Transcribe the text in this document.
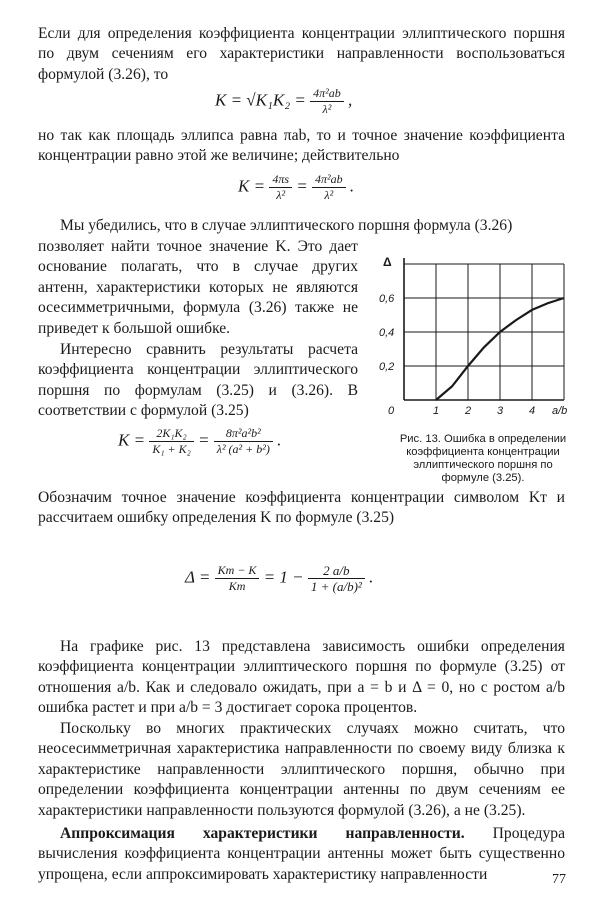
Если для определения коэффициента концентрации эллиптического поршня по двум сечениям его характеристики направленности воспользоваться формулой (3.26), то
$K = √K_1K_2 = \frac{\text{4π²ab}}{\text{λ²}}$ ,
но так как площадь эллипса равна πab, то и точное значение коэффициента концентрации равно этой же величине; действительно
$K = \frac{4\pi s}{\text{λ²}} = \frac{\text{4π²ab}}{\text{λ²}}$ .
Мы убедились, что в случае эллиптического поршня формула (3.26)
позволяет найти точное значение K. Это дает основание полагать, что в случае других антенн, характеристики которых не являются осесимметричными, формула (3.26) также не приведет к большой ошибке.
Интересно сравнить результаты расчета коэффициента концентрации эллиптического поршня по формулам (3.25) и (3.26). В соответствии с формулой (3.25)	0	1 2 3 4
0,2
0,4
0,6
Δ
a/b
Рис. 13. Ошибка в определении коэффициента концентрации эллиптического поршня по формуле (3.25).
$K = \frac{\text{2K₁K₂}}{\text{K₁ + K₂}} = \frac{\text{8π²a²b²}}{\text{λ² (a² + b²)}}$ .
Обозначим точное значение коэффициента концентрации символом Kт и рассчитаем ошибку определения K по формуле (3.25)
$\Delta = \frac{Kт - K}{Kт} = 1 - \frac{2 a/b}{\text{1 + (a/b)²}}$ .
На графике рис. 13 представлена зависимость ошибки определения коэффициента концентрации эллиптического поршня по формуле (3.25) от отношения a/b. Как и следовало ожидать, при a = b и Δ = 0, но с ростом a/b ошибка растет и при a/b = 3 достигает сорока процентов.
Поскольку во многих практических случаях можно считать, что неосесимметричная характеристика направленности по своему виду близка к характеристике направленности эллиптического поршня, обычно при определении коэффициента концентрации антенны по двум сечениям ее характеристики направленности пользуются формулой (3.26), а не (3.25).
Аппроксимация характеристики направленности. Процедура вычисления коэффициента концентрации антенны может быть существенно упрощена, если аппроксимировать характеристику направленности	77
